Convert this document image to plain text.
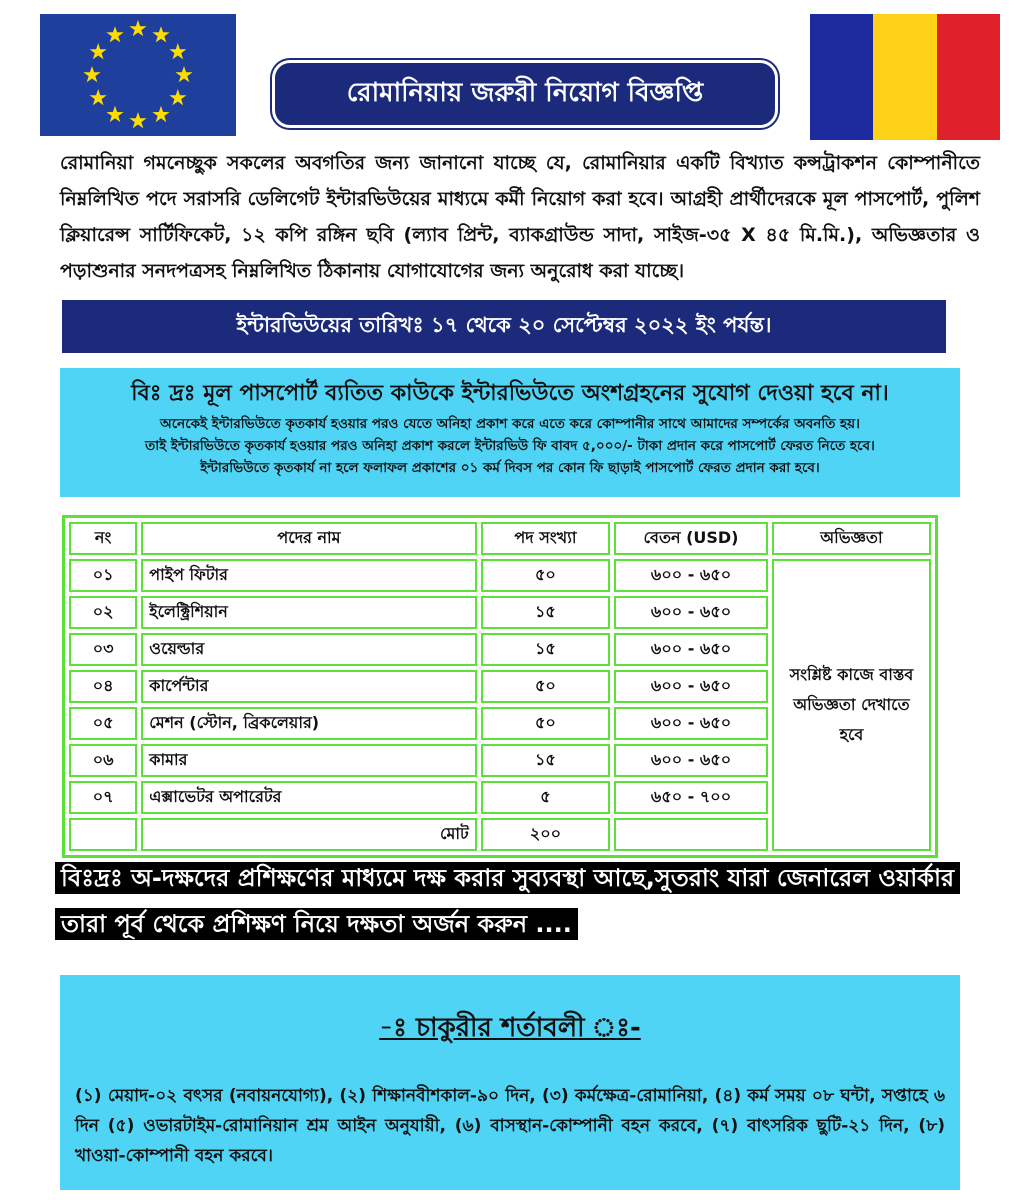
রোমানিয়ায় জরুরী নিয়োগ বিজ্ঞপ্তি
রোমানিয়া গমনেচ্ছুক সকলের অবগতির জন্য জানানো যাচ্ছে যে, রোমানিয়ার একটি বিখ্যাত কন্সট্রাকশন কোম্পানীতে নিম্নলিখিত পদে সরাসরি ডেলিগেট ইন্টারভিউয়ের মাধ্যমে কর্মী নিয়োগ করা হবে। আগ্রহী প্রার্থীদেরকে মূল পাসপোর্ট, পুলিশ ক্লিয়ারেন্স সার্টিফিকেট, ১২ কপি রঙ্গিন ছবি (ল্যাব প্রিন্ট, ব্যাকগ্রাউন্ড সাদা, সাইজ-৩৫ X ৪৫ মি.মি.), অভিজ্ঞতার ও পড়াশুনার সনদপত্রসহ নিম্নলিখিত ঠিকানায় যোগাযোগের জন্য অনুরোধ করা যাচ্ছে।
ইন্টারভিউয়ের তারিখঃ ১৭ থেকে ২০ সেপ্টেম্বর ২০২২ ইং পর্যন্ত।
বিঃ দ্রঃ মূল পাসপোর্ট ব্যতিত কাউকে ইন্টারভিউতে অংশগ্রহনের সুযোগ দেওয়া হবে না।
অনেকেই ইন্টারভিউতে কৃতকার্য হওয়ার পরও যেতে অনিহা প্রকাশ করে এতে করে কোম্পানীর সাথে আমাদের সম্পর্কের অবনতি হয়।
তাই ইন্টারভিউতে কৃতকার্য হওয়ার পরও অনিহা প্রকাশ করলে ইন্টারভিউ ফি বাবদ ৫,০০০/- টাকা প্রদান করে পাসপোর্ট ফেরত নিতে হবে।
ইন্টারভিউতে কৃতকার্য না হলে ফলাফল প্রকাশের ০১ কর্ম দিবস পর কোন ফি ছাড়াই পাসপোর্ট ফেরত প্রদান করা হবে।
নং	পদের নাম	পদ সংখ্যা	বেতন (USD)	অভিজ্ঞতা
০১	পাইপ ফিটার	৫০	৬০০ - ৬৫০	সংশ্লিষ্ট কাজে বাস্তব অভিজ্ঞতা দেখাতে হবে
০২	ইলেক্ট্রিশিয়ান	১৫	৬০০ - ৬৫০	
০৩	ওয়েল্ডার	১৫	৬০০ - ৬৫০	
০৪	কার্পেন্টার	৫০	৬০০ - ৬৫০	
০৫	মেশন (স্টোন, ব্রিকলেয়ার)	৫০	৬০০ - ৬৫০	
০৬	কামার	১৫	৬০০ - ৬৫০	
০৭	এক্সাভেটর অপারেটর	৫	৬৫০ - ৭০০	
	মোট	২০০		
বিঃদ্রঃ অ-দক্ষদের প্রশিক্ষণের মাধ্যমে দক্ষ করার সুব্যবস্থা আছে,সুতরাং যারা জেনারেল ওয়ার্কার তারা পূর্ব থেকে প্রশিক্ষণ নিয়ে দক্ষতা অর্জন করুন ....
-ঃ চাকুরীর শর্তাবলী ঃ-
(১) মেয়াদ-০২ বৎসর (নবায়নযোগ্য), (২) শিক্ষানবীশকাল-৯০ দিন, (৩) কর্মক্ষেত্র-রোমানিয়া, (৪) কর্ম সময় ০৮ ঘন্টা, সপ্তাহে ৬ দিন (৫) ওভারটাইম-রোমানিয়ান শ্রম আইন অনুযায়ী, (৬) বাসস্থান-কোম্পানী বহন করবে, (৭) বাৎসরিক ছুটি-২১ দিন, (৮) খাওয়া-কোম্পানী বহন করবে।
